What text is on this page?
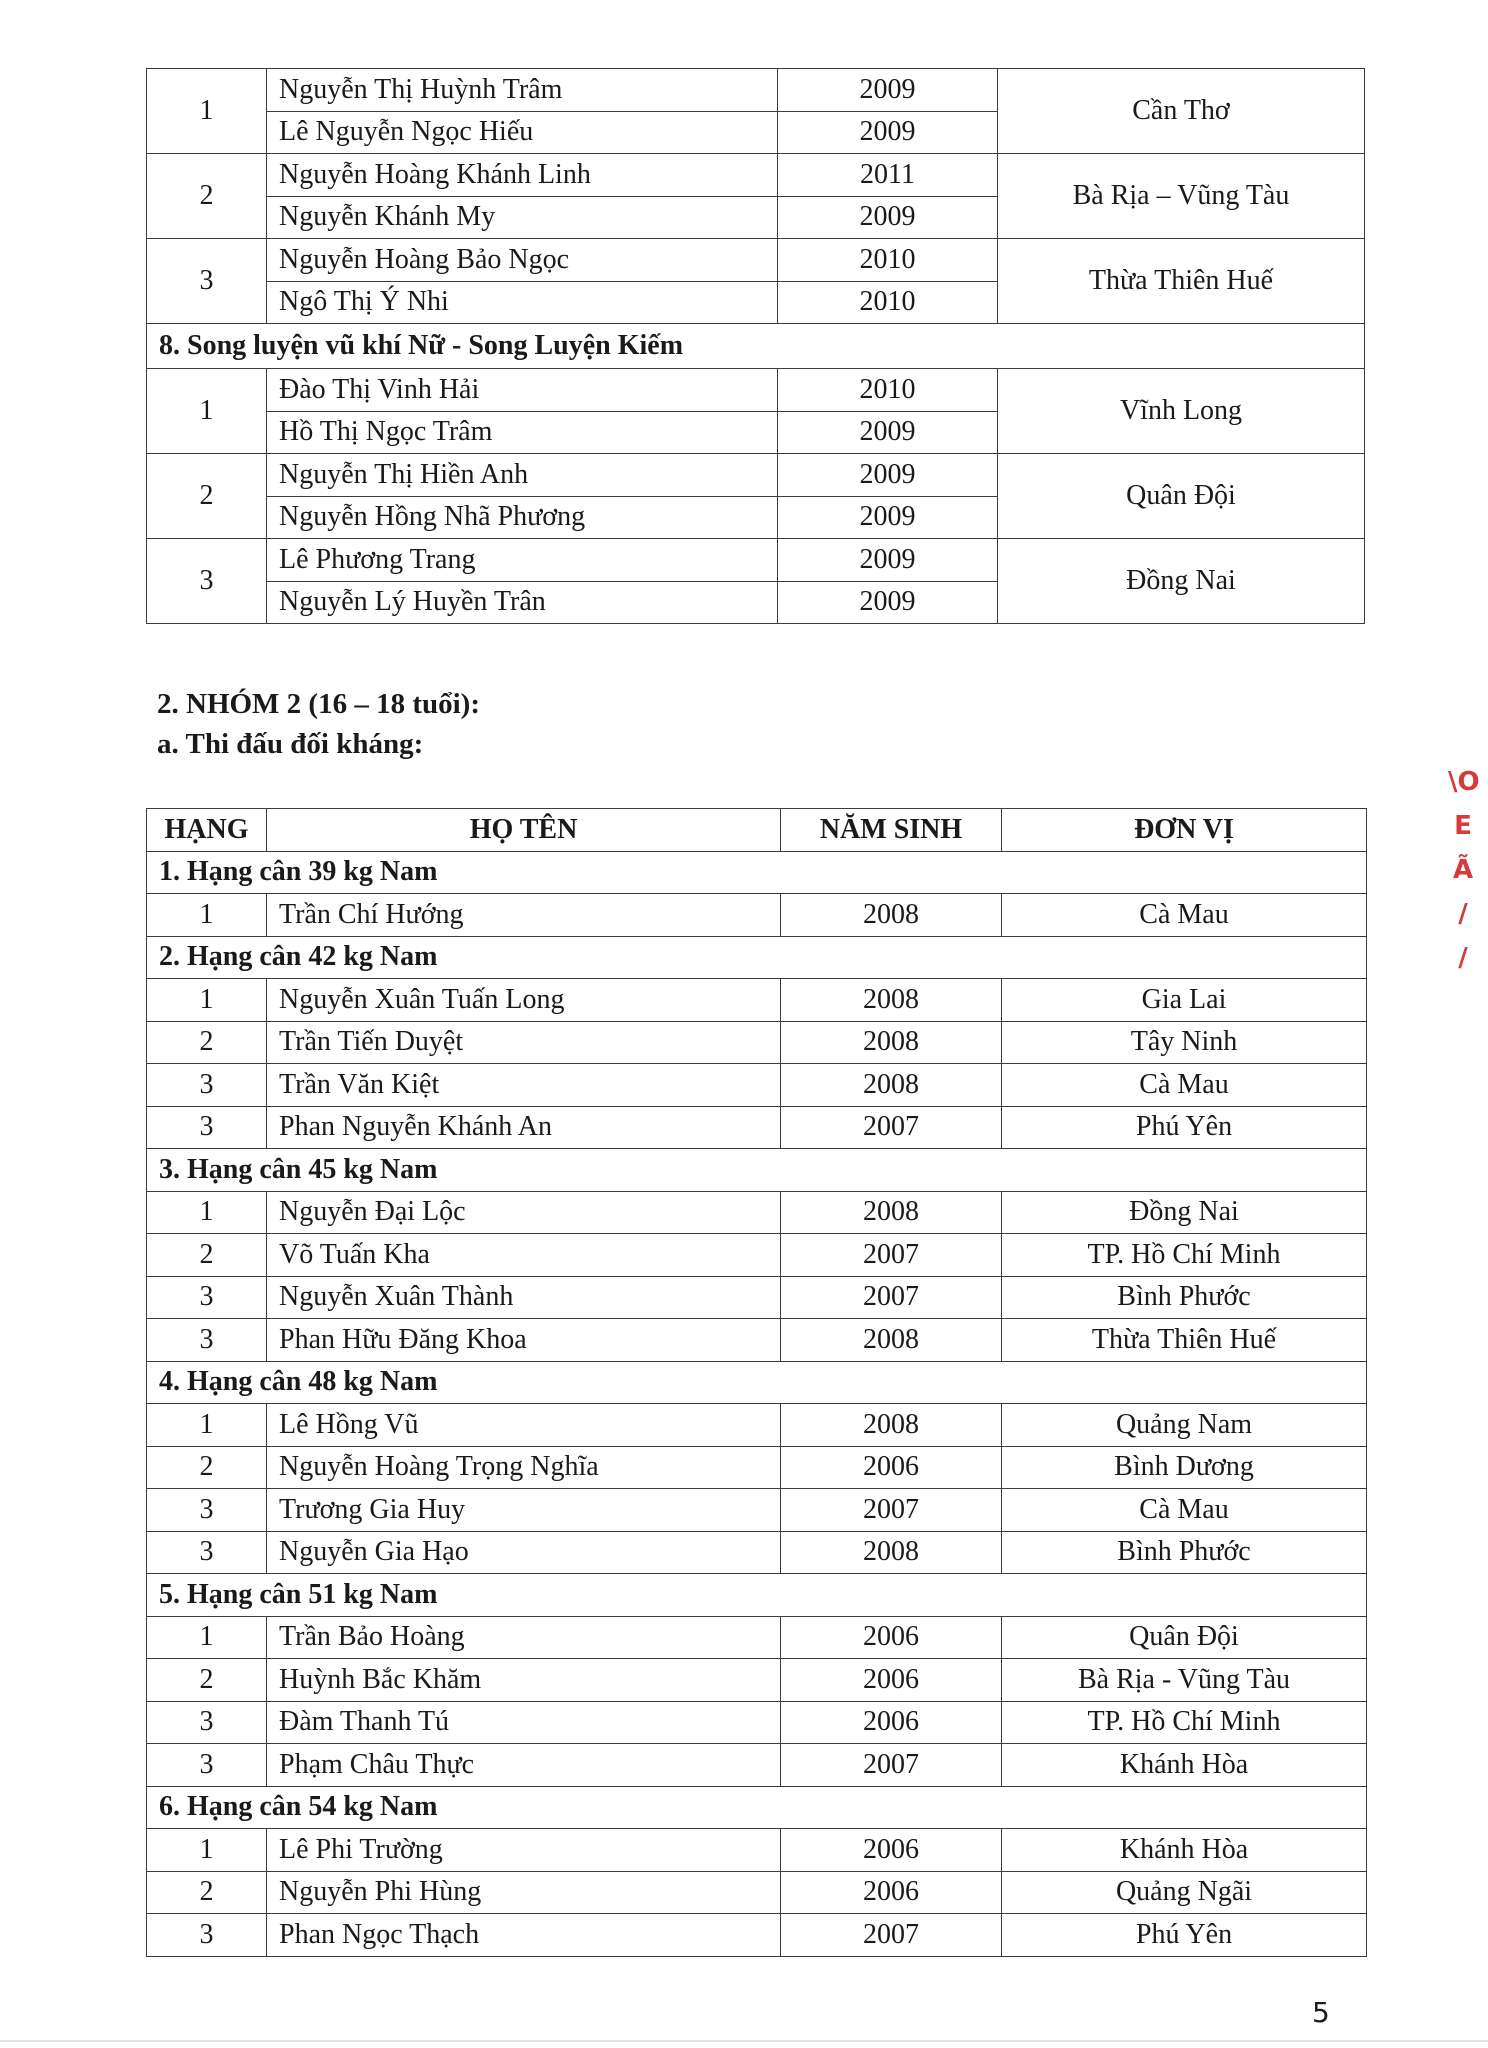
1	Nguyễn Thị Huỳnh Trâm	2009	Cần Thơ
	Lê Nguyễn Ngọc Hiếu	2009	
2	Nguyễn Hoàng Khánh Linh	2011	Bà Rịa – Vũng Tàu
	Nguyễn Khánh My	2009	
3	Nguyễn Hoàng Bảo Ngọc	2010	Thừa Thiên Huế
	Ngô Thị Ý Nhi	2010	
8. Song luyện vũ khí Nữ - Song Luyện Kiếm			
1	Đào Thị Vinh Hải	2010	Vĩnh Long
	Hồ Thị Ngọc Trâm	2009	
2	Nguyễn Thị Hiền Anh	2009	Quân Đội
	Nguyễn Hồng Nhã Phương	2009	
3	Lê Phương Trang	2009	Đồng Nai
	Nguyễn Lý Huyền Trân	2009	
2. NHÓM 2 (16 – 18 tuổi):
a. Thi đấu đối kháng:
HẠNG	HỌ TÊN	NĂM SINH	ĐƠN VỊ
1. Hạng cân 39 kg Nam			
1	Trần Chí Hướng	2008	Cà Mau
2. Hạng cân 42 kg Nam			
1	Nguyễn Xuân Tuấn Long	2008	Gia Lai
2	Trần Tiến Duyệt	2008	Tây Ninh
3	Trần Văn Kiệt	2008	Cà Mau
3	Phan Nguyễn Khánh An	2007	Phú Yên
3. Hạng cân 45 kg Nam			
1	Nguyễn Đại Lộc	2008	Đồng Nai
2	Võ Tuấn Kha	2007	TP. Hồ Chí Minh
3	Nguyễn Xuân Thành	2007	Bình Phước
3	Phan Hữu Đăng Khoa	2008	Thừa Thiên Huế
4. Hạng cân 48 kg Nam			
1	Lê Hồng Vũ	2008	Quảng Nam
2	Nguyễn Hoàng Trọng Nghĩa	2006	Bình Dương
3	Trương Gia Huy	2007	Cà Mau
3	Nguyễn Gia Hạo	2008	Bình Phước
5. Hạng cân 51 kg Nam			
1	Trần Bảo Hoàng	2006	Quân Đội
2	Huỳnh Bắc Khăm	2006	Bà Rịa - Vũng Tàu
3	Đàm Thanh Tú	2006	TP. Hồ Chí Minh
3	Phạm Châu Thực	2007	Khánh Hòa
6. Hạng cân 54 kg Nam			
1	Lê Phi Trường	2006	Khánh Hòa
2	Nguyễn Phi Hùng	2006	Quảng Ngãi
3	Phan Ngọc Thạch	2007	Phú Yên
\O
E
Ã
/
/
5
